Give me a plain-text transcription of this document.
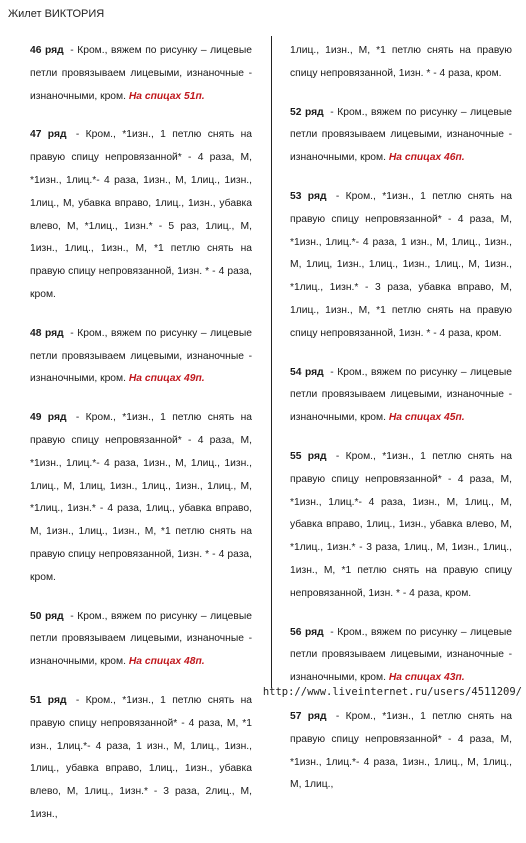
Жилет ВИКТОРИЯ

46 ряд - Кром., вяжем по рисунку – лицевые петли провязываем лицевыми, изнаночные - изнаночными, кром. На спицах 51п.

47 ряд - Кром., *1изн., 1 петлю снять на правую спицу непровязанной* - 4 раза, М, *1изн., 1лиц.*- 4 раза, 1изн., М, 1лиц., 1изн., 1лиц., М, убавка вправо, 1лиц., 1изн., убавка влево, М, *1лиц., 1изн.* - 5 раз, 1лиц., М, 1изн., 1лиц., 1изн., М, *1 петлю снять на правую спицу непровязанной, 1изн. * - 4 раза, кром.

48 ряд - Кром., вяжем по рисунку – лицевые петли провязываем лицевыми, изнаночные - изнаночными, кром. На спицах 49п.

49 ряд - Кром., *1изн., 1 петлю снять на правую спицу непровязанной* - 4 раза, М, *1изн., 1лиц.*- 4 раза, 1изн., М, 1лиц., 1изн., 1лиц., М, 1лиц, 1изн., 1лиц., 1изн., 1лиц., М, *1лиц., 1изн.* - 4 раза, 1лиц., убавка вправо, М, 1изн., 1лиц., 1изн., М, *1 петлю снять на правую спицу непровязанной, 1изн. * - 4 раза, кром.

50 ряд - Кром., вяжем по рисунку – лицевые петли провязываем лицевыми, изнаночные - изнаночными, кром. На спицах 48п.

51 ряд - Кром., *1изн., 1 петлю снять на правую спицу непровязанной* - 4 раза, М, *1 изн., 1лиц.*- 4 раза, 1 изн., М, 1лиц., 1изн., 1лиц., убавка вправо, 1лиц., 1изн., убавка влево, М, 1лиц., 1изн.* - 3 раза, 2лиц., М, 1изн.,

1лиц., 1изн., М, *1 петлю снять на правую спицу непровязанной, 1изн. * - 4 раза, кром.

52 ряд - Кром., вяжем по рисунку – лицевые петли провязываем лицевыми, изнаночные - изнаночными, кром. На спицах 46п.

53 ряд - Кром., *1изн., 1 петлю снять на правую спицу непровязанной* - 4 раза, М, *1изн., 1лиц.*- 4 раза, 1 изн., М, 1лиц., 1изн., М, 1лиц, 1изн., 1лиц., 1изн., 1лиц., М, 1изн., *1лиц., 1изн.* - 3 раза, убавка вправо, М, 1лиц., 1изн., М, *1 петлю снять на правую спицу непровязанной, 1изн. * - 4 раза, кром.

54 ряд - Кром., вяжем по рисунку – лицевые петли провязываем лицевыми, изнаночные - изнаночными, кром. На спицах 45п.

55 ряд - Кром., *1изн., 1 петлю снять на правую спицу непровязанной* - 4 раза, М, *1изн., 1лиц.*- 4 раза, 1изн., М, 1лиц., М, убавка вправо, 1лиц., 1изн., убавка влево, М, *1лиц., 1изн.* - 3 раза, 1лиц., М, 1изн., 1лиц., 1изн., М, *1 петлю снять на правую спицу непровязанной, 1изн. * - 4 раза, кром.

56 ряд - Кром., вяжем по рисунку – лицевые петли провязываем лицевыми, изнаночные - изнаночными, кром. На спицах 43п.

57 ряд - Кром., *1изн., 1 петлю снять на правую спицу непровязанной* - 4 раза, М, *1изн., 1лиц.*- 4 раза, 1изн., 1лиц., М, 1лиц., М, 1лиц.,

http://www.liveinternet.ru/users/4511209/
